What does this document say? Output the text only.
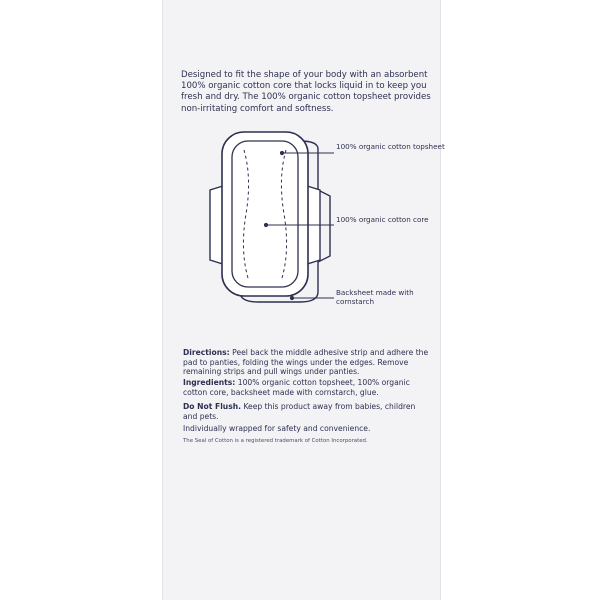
Designed to fit the shape of your body with an absorbent 100% organic cotton core that locks liquid in to keep you fresh and dry. The 100% organic cotton topsheet provides non-irritating comfort and softness.

100% organic cotton topsheet

100% organic cotton core

Backsheet made with cornstarch

Directions: Peel back the middle adhesive strip and adhere the pad to panties, folding the wings under the edges. Remove remaining strips and pull wings under panties.

Ingredients: 100% organic cotton topsheet, 100% organic cotton core, backsheet made with cornstarch, glue.

Do Not Flush. Keep this product away from babies, children and pets.

Individually wrapped for safety and convenience.

The Seal of Cotton is a registered trademark of Cotton Incorporated.
